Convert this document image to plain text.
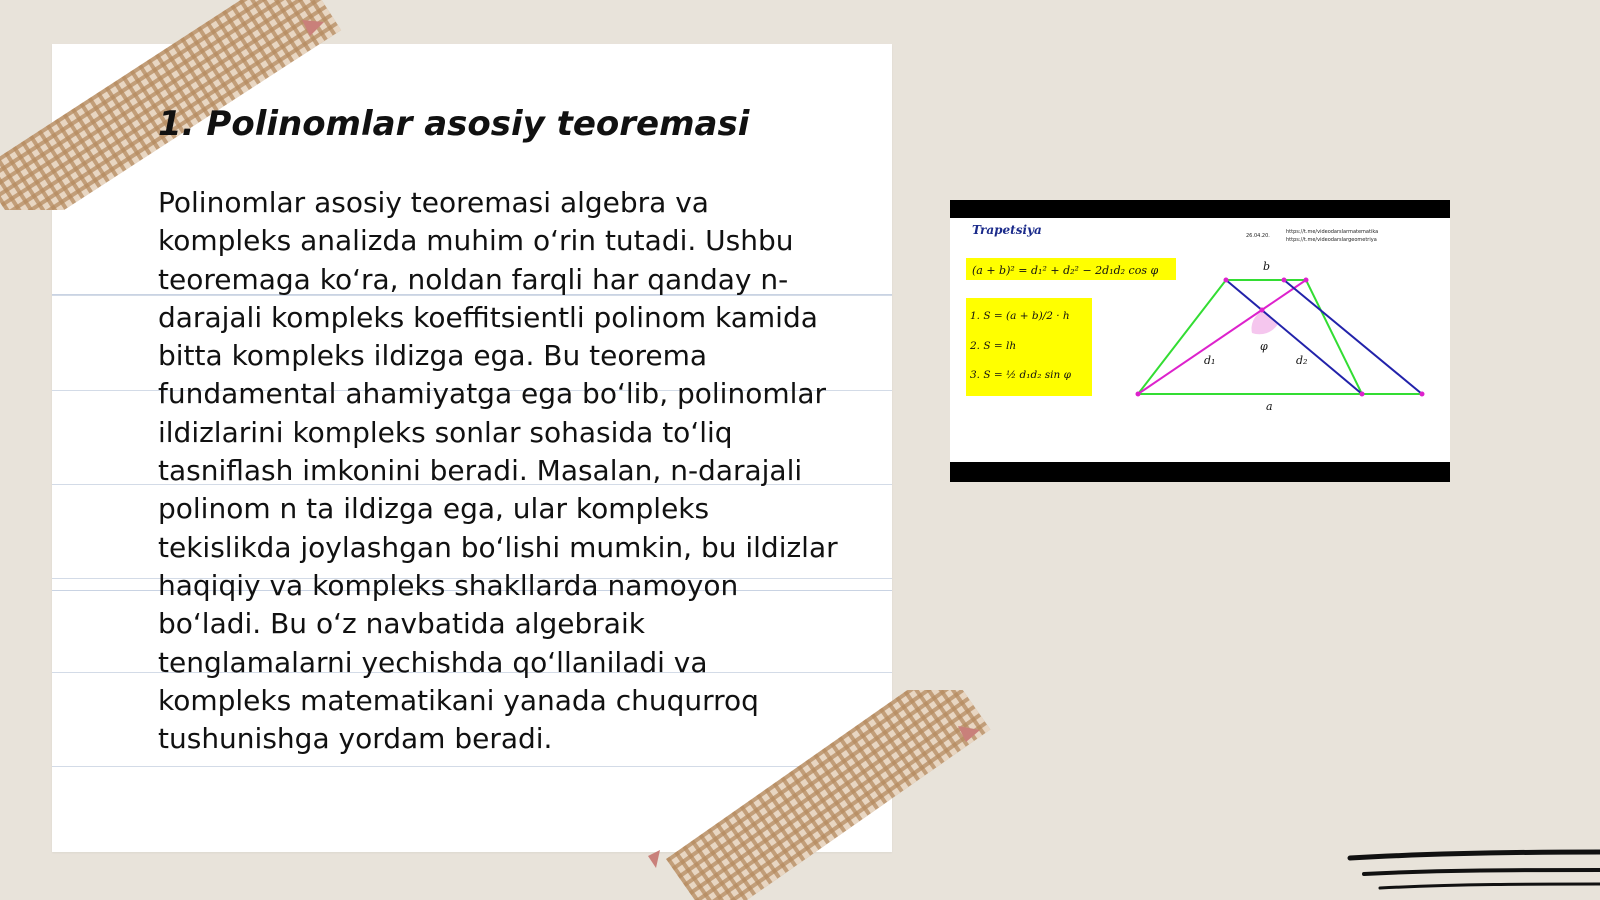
1. Polinomlar asosiy teoremasi

Polinomlar asosiy teoremasi algebra va kompleks analizda muhim o‘rin tutadi. Ushbu teoremaga ko‘ra, noldan farqli har qanday n-darajali kompleks koeffitsientli polinom kamida bitta kompleks ildizga ega. Bu teorema fundamental ahamiyatga ega bo‘lib, polinomlar ildizlarini kompleks sonlar sohasida to‘liq tasniflash imkonini beradi. Masalan, n-darajali polinom n ta ildizga ega, ular kompleks tekislikda joylashgan bo‘lishi mumkin, bu ildizlar haqiqiy va kompleks shakllarda namoyon bo‘ladi. Bu o‘z navbatida algebraik tenglamalarni yechishda qo‘llaniladi va kompleks matematikani yanada chuqurroq tushunishga yordam beradi.

Trapetsiya	26.04.20.
https://t.me/videodarslarmatematika
https://t.me/videodarslargeometriya
(a + b)² = d₁² + d₂² − 2d₁d₂ cos φ
1. S = (a + b)/2 · h
2. S = lh
3. S = ½ d₁d₂ sin φ
b
a
d₁	d₂
φ
